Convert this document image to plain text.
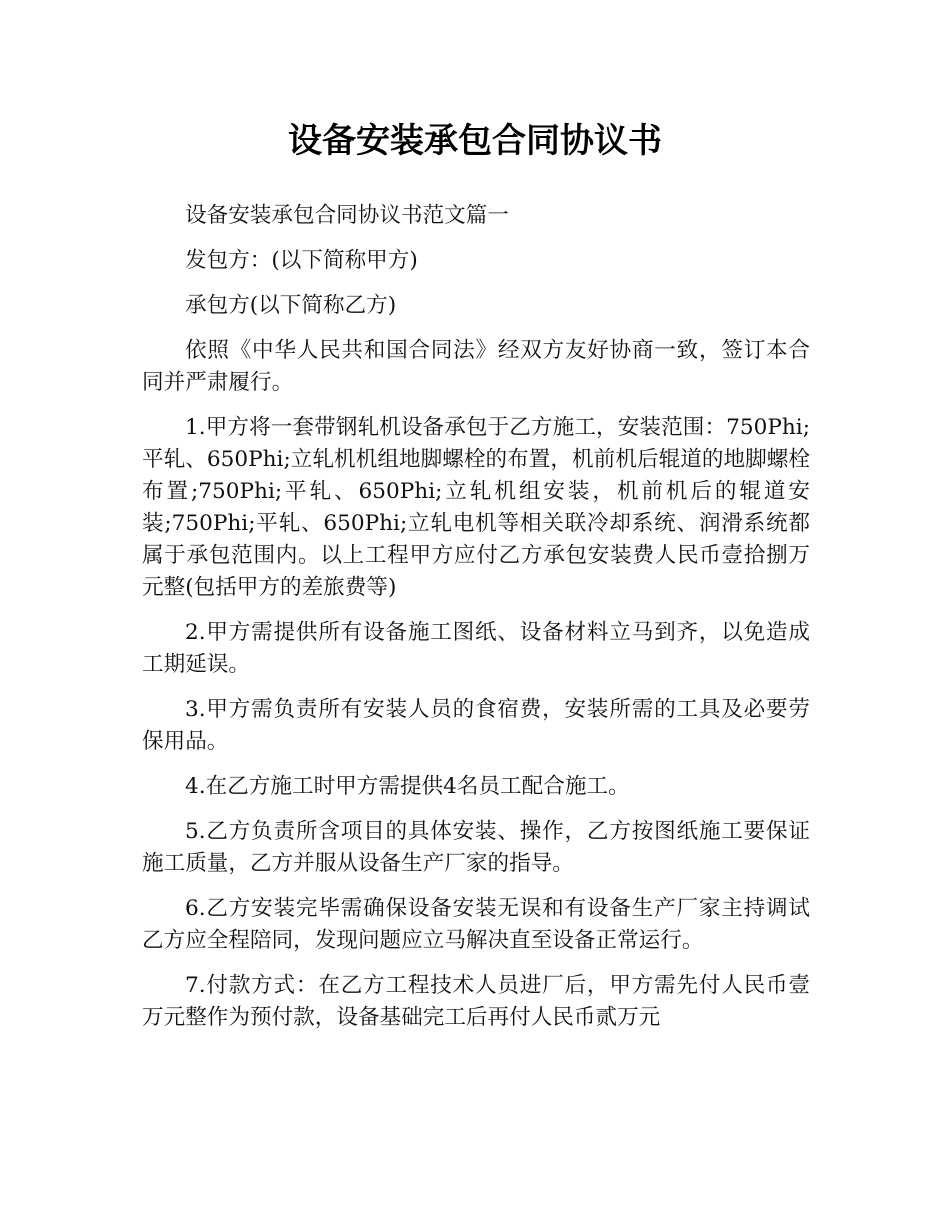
设备安装承包合同协议书

设备安装承包合同协议书范文篇一

发包方：(以下简称甲方)

承包方(以下简称乙方)

依照《中华人民共和国合同法》经双方友好协商一致，签订本合同并严肃履行。

1.甲方将一套带钢轧机设备承包于乙方施工，安装范围：750Phi;平轧、650Phi;立轧机机组地脚螺栓的布置，机前机后辊道的地脚螺栓布置;750Phi;平轧、650Phi;立轧机组安装，机前机后的辊道安装;750Phi;平轧、650Phi;立轧电机等相关联冷却系统、润滑系统都属于承包范围内。以上工程甲方应付乙方承包安装费人民币壹拾捌万元整(包括甲方的差旅费等)

2.甲方需提供所有设备施工图纸、设备材料立马到齐，以免造成工期延误。

3.甲方需负责所有安装人员的食宿费，安装所需的工具及必要劳保用品。

4.在乙方施工时甲方需提供4名员工配合施工。

5.乙方负责所含项目的具体安装、操作，乙方按图纸施工要保证施工质量，乙方并服从设备生产厂家的指导。

6.乙方安装完毕需确保设备安装无误和有设备生产厂家主持调试乙方应全程陪同，发现问题应立马解决直至设备正常运行。

7.付款方式：在乙方工程技术人员进厂后，甲方需先付人民币壹万元整作为预付款，设备基础完工后再付人民币贰万元
